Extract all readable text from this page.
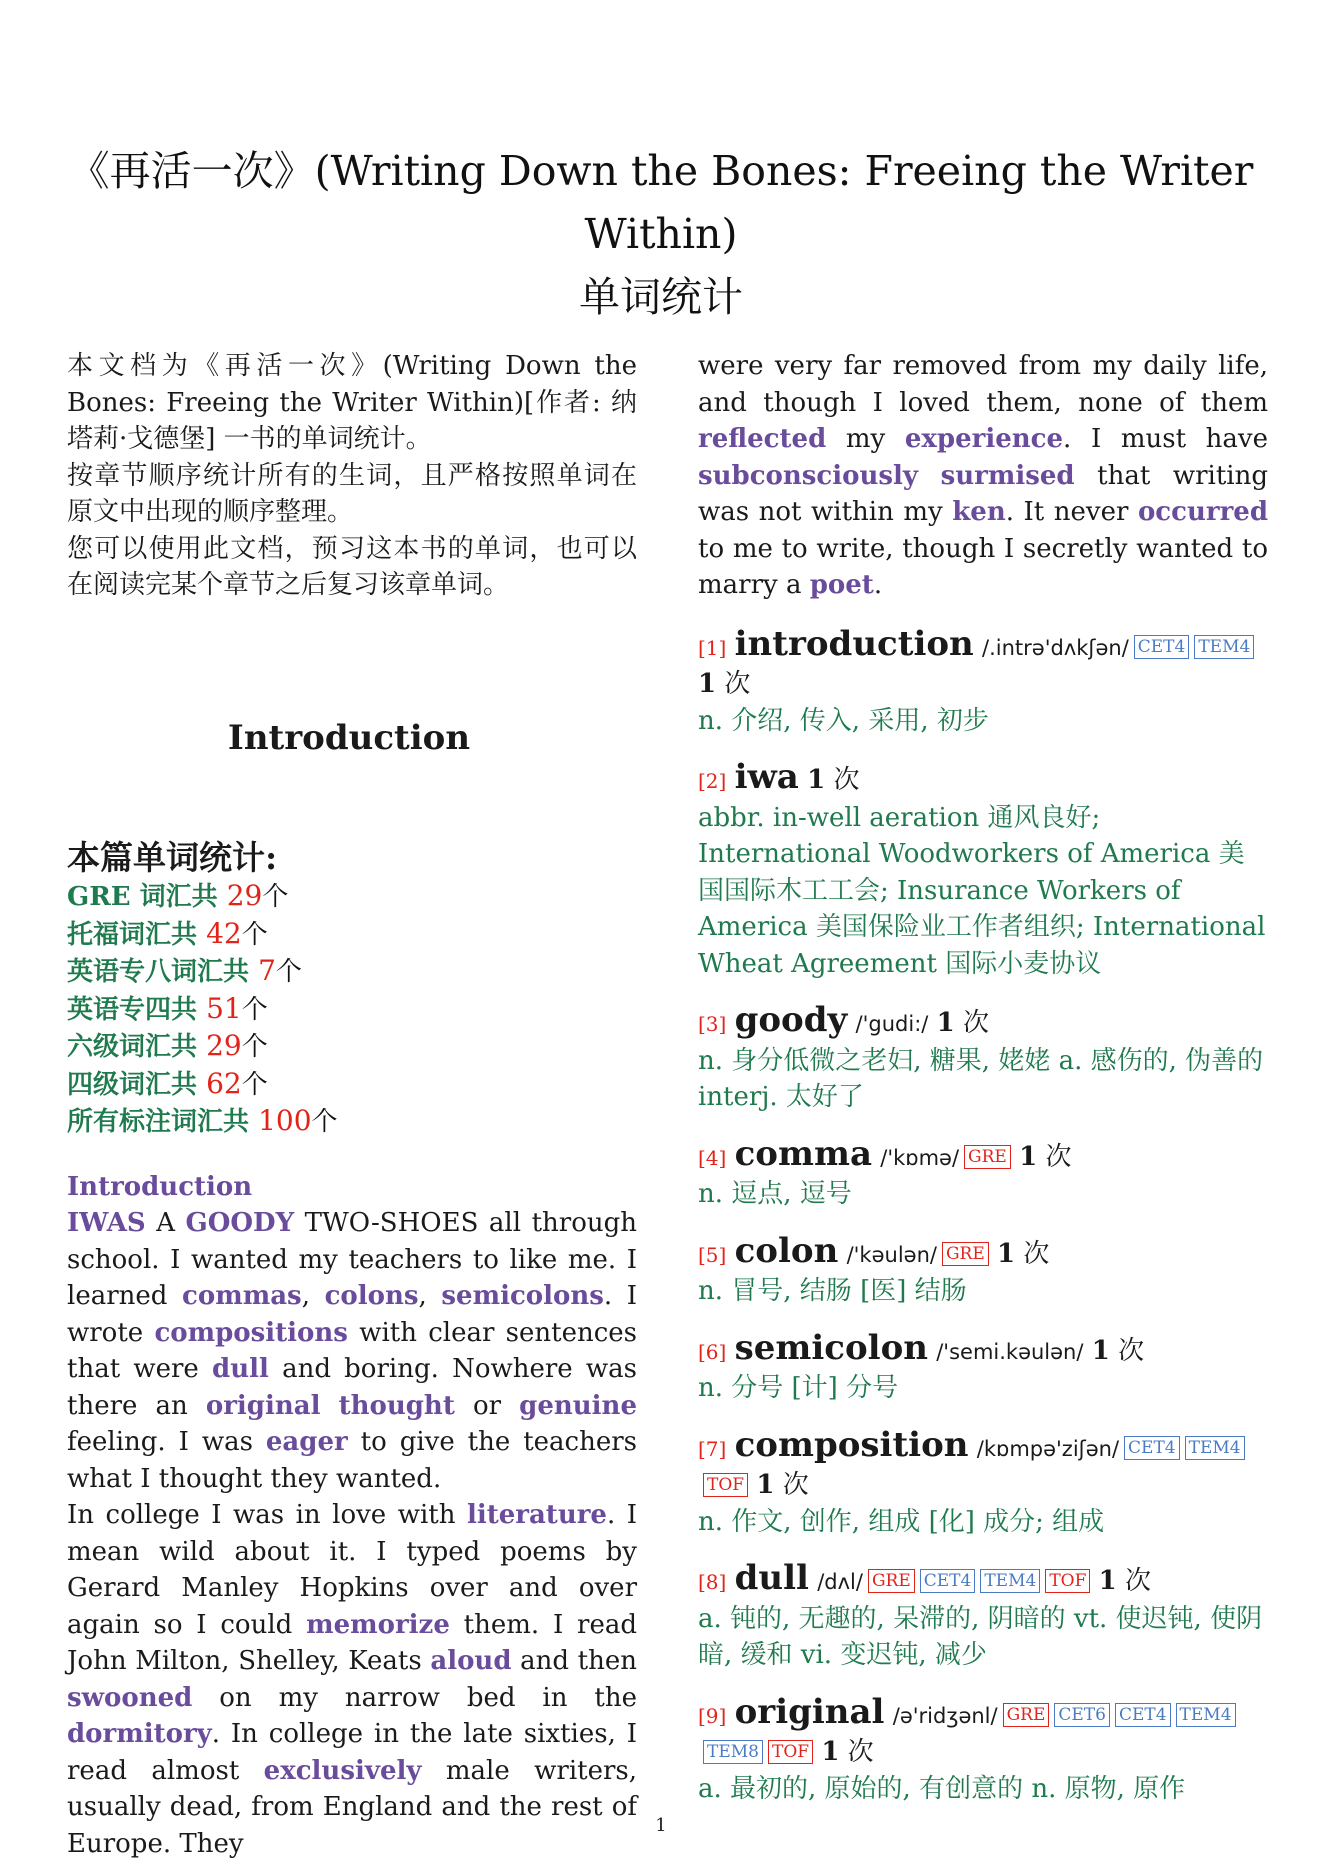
《再活一次》(Writing Down the Bones: Freeing the Writer Within)
单词统计

本文档为《再活一次》(Writing Down the Bones: Freeing the Writer Within)[作者: 纳塔莉·戈德堡] 一书的单词统计。

按章节顺序统计所有的生词，且严格按照单词在原文中出现的顺序整理。

您可以使用此文档，预习这本书的单词，也可以在阅读完某个章节之后复习该章单词。

Introduction

本篇单词统计:

GRE 词汇共 29个
托福词汇共 42个
英语专八词汇共 7个
英语专四共 51个
六级词汇共 29个
四级词汇共 62个
所有标注词汇共 100个
Introduction

IWAS A GOODY TWO-SHOES all through school. I wanted my teachers to like me. I learned commas, colons, semicolons. I wrote compositions with clear sentences that were dull and boring. Nowhere was there an original thought or genuine feeling. I was eager to give the teachers what I thought they wanted.

In college I was in love with literature. I mean wild about it. I typed poems by Gerard Manley Hopkins over and over again so I could memorize them. I read John Milton, Shelley, Keats aloud and then swooned on my narrow bed in the dormitory. In college in the late sixties, I read almost exclusively male writers, usually dead, from England and the rest of Europe. They

were very far removed from my daily life, and though I loved them, none of them reflected my experience. I must have subconsciously surmised that writing was not within my ken. It never occurred to me to write, though I secretly wanted to marry a poet.

[1] introduction /.intrə'dʌkʃən/ CET4 TEM4 1 次
n. 介绍, 传入, 采用, 初步
[2] iwa 1 次
abbr. in-well aeration 通风良好; International Woodworkers of America 美国国际木工工会; Insurance Workers of America 美国保险业工作者组织; International Wheat Agreement 国际小麦协议
[3] goody /'gudi:/ 1 次
n. 身分低微之老妇, 糖果, 姥姥 a. 感伤的, 伪善的 interj. 太好了
[4] comma /'kɒmə/ GRE 1 次
n. 逗点, 逗号
[5] colon /'kəulən/ GRE 1 次
n. 冒号, 结肠 [医] 结肠
[6] semicolon /'semi.kəulən/ 1 次
n. 分号 [计] 分号
[7] composition /kɒmpə'ziʃən/ CET4 TEM4TOF 1 次
n. 作文, 创作, 组成 [化] 成分; 组成
[8] dull /dʌl/ GRE CET4 TEM4 TOF 1 次
a. 钝的, 无趣的, 呆滞的, 阴暗的 vt. 使迟钝, 使阴暗, 缓和 vi. 变迟钝, 减少
[9] original /ə'ridʒənl/ GRE CET6 CET4 TEM4TEM8 TOF 1 次
a. 最初的, 原始的, 有创意的 n. 原物, 原作
1
